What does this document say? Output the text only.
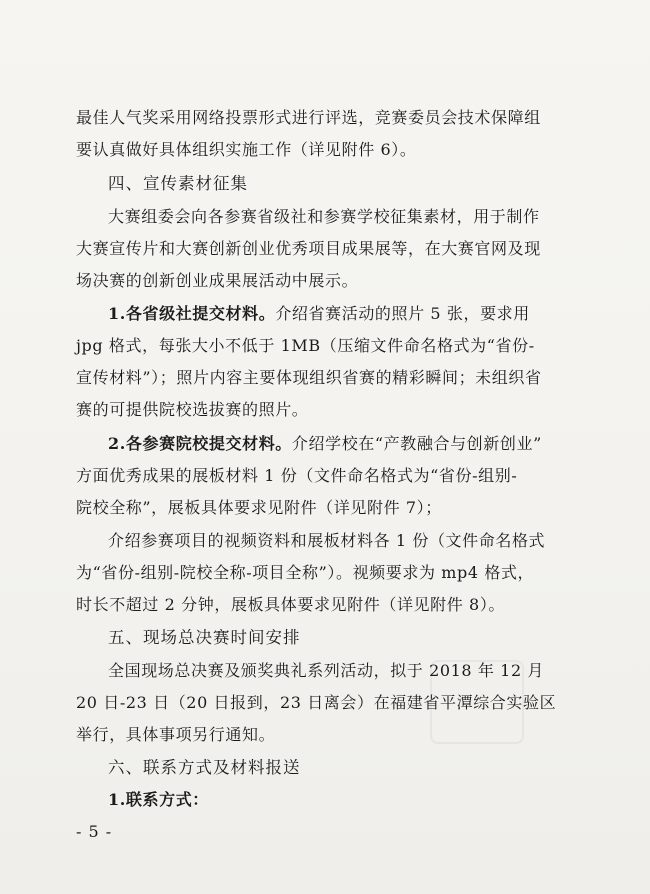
最佳人气奖采用网络投票形式进行评选，竞赛委员会技术保障组
要认真做好具体组织实施工作（详见附件 6）。
四、宣传素材征集
大赛组委会向各参赛省级社和参赛学校征集素材，用于制作
大赛宣传片和大赛创新创业优秀项目成果展等，在大赛官网及现
场决赛的创新创业成果展活动中展示。
1.各省级社提交材料。介绍省赛活动的照片 5 张，要求用
jpg 格式，每张大小不低于 1MB（压缩文件命名格式为“省份-
宣传材料”）；照片内容主要体现组织省赛的精彩瞬间；未组织省
赛的可提供院校选拔赛的照片。
2.各参赛院校提交材料。介绍学校在“产教融合与创新创业”
方面优秀成果的展板材料 1 份（文件命名格式为“省份-组别-
院校全称”，展板具体要求见附件（详见附件 7）；
介绍参赛项目的视频资料和展板材料各 1 份（文件命名格式
为“省份-组别-院校全称-项目全称”）。视频要求为 mp4 格式，
时长不超过 2 分钟，展板具体要求见附件（详见附件 8）。
五、现场总决赛时间安排
全国现场总决赛及颁奖典礼系列活动，拟于 2018 年 12 月
20 日-23 日（20 日报到，23 日离会）在福建省平潭综合实验区
举行，具体事项另行通知。
六、联系方式及材料报送
1.联系方式：
- 5 -
